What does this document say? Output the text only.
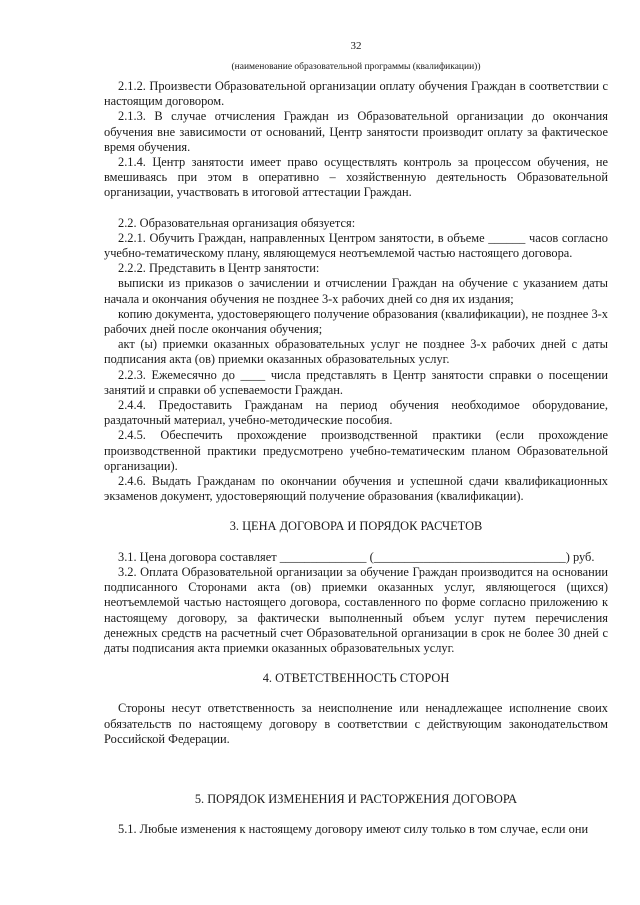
32
(наименование образовательной программы (квалификации))

2.1.2. Произвести Образовательной организации оплату обучения Граждан в соответствии с настоящим договором.

2.1.3. В случае отчисления Граждан из Образовательной организации до окончания обучения вне зависимости от оснований, Центр занятости производит оплату за фактическое время обучения.

2.1.4. Центр занятости имеет право осуществлять контроль за процессом обучения, не вмешиваясь при этом в оперативно – хозяйственную деятельность Образовательной организации, участвовать в итоговой аттестации Граждан.

2.2. Образовательная организация обязуется:

2.2.1. Обучить Граждан, направленных Центром занятости, в объеме ______ часов согласно учебно-тематическому плану, являющемуся неотъемлемой частью настоящего договора.

2.2.2. Представить в Центр занятости:

выписки из приказов о зачислении и отчислении Граждан на обучение с указанием даты начала и окончания обучения не позднее 3-х рабочих дней со дня их издания;

копию документа, удостоверяющего получение образования (квалификации), не позднее 3-х рабочих дней после окончания обучения;

акт (ы) приемки оказанных образовательных услуг не позднее 3-х рабочих дней с даты подписания акта (ов) приемки оказанных образовательных услуг.

2.2.3. Ежемесячно до ____ числа представлять в Центр занятости справки о посещении занятий и справки об успеваемости Граждан.

2.4.4. Предоставить Гражданам на период обучения необходимое оборудование, раздаточный материал, учебно-методические пособия.

2.4.5. Обеспечить прохождение производственной практики (если прохождение производственной практики предусмотрено учебно-тематическим планом Образовательной организации).

2.4.6. Выдать Гражданам по окончании обучения и успешной сдачи квалификационных экзаменов документ, удостоверяющий получение образования (квалификации).

3. ЦЕНА ДОГОВОРА И ПОРЯДОК РАСЧЕТОВ

3.1. Цена договора составляет ______________ (_______________________________) руб.

3.2. Оплата Образовательной организации за обучение Граждан производится на основании подписанного Сторонами акта (ов) приемки оказанных услуг, являющегося (щихся) неотъемлемой частью настоящего договора, составленного по форме согласно приложению к настоящему договору, за фактически выполненный объем услуг путем перечисления денежных средств на расчетный счет Образовательной организации в срок не более 30 дней с даты подписания акта приемки оказанных образовательных услуг.

4. ОТВЕТСТВЕННОСТЬ СТОРОН

Стороны несут ответственность за неисполнение или ненадлежащее исполнение своих обязательств по настоящему договору в соответствии с действующим законодательством Российской Федерации.

5. ПОРЯДОК ИЗМЕНЕНИЯ И РАСТОРЖЕНИЯ ДОГОВОРА

5.1. Любые изменения к настоящему договору имеют силу только в том случае, если они
